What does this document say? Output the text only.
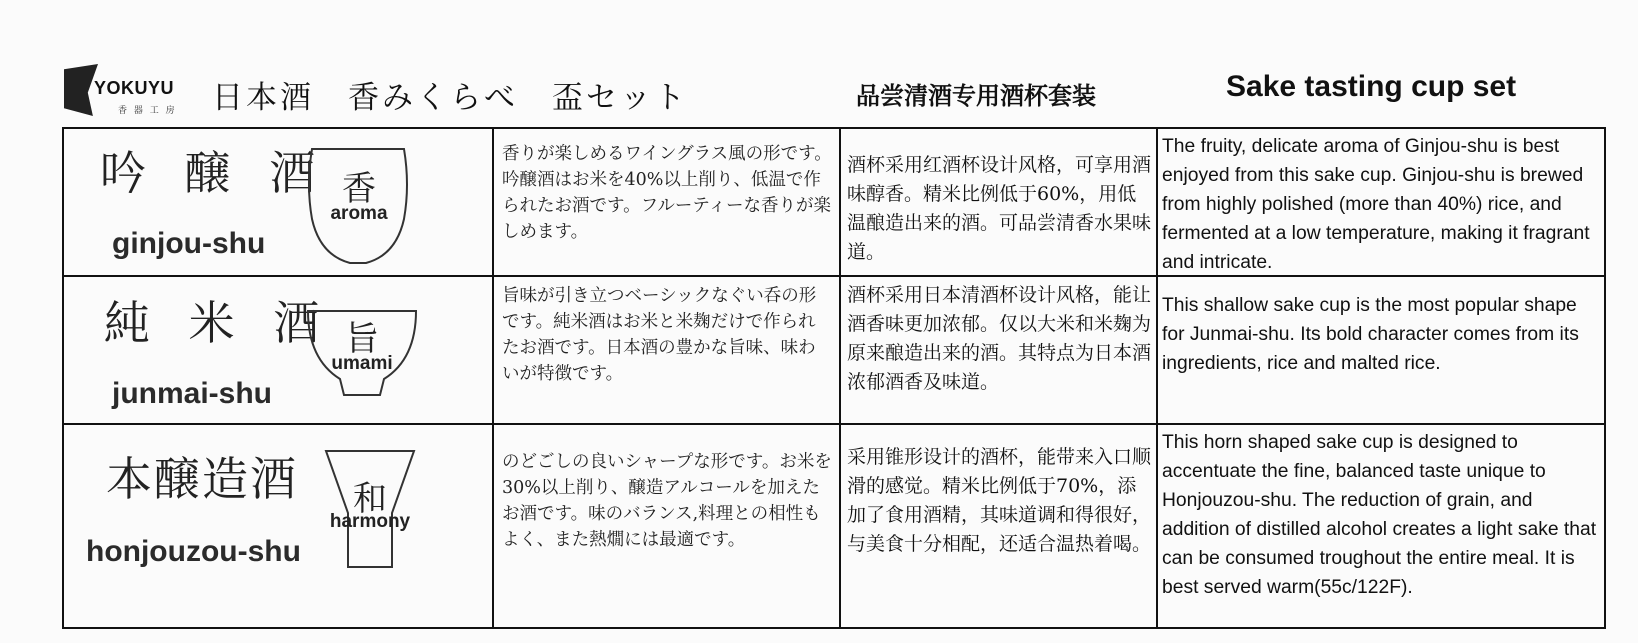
YOKUYU
香 器 工 房 日本酒　香みくらべ　盃セット	品尝清酒专用酒杯套装	Sake tasting cup set
吟 醸 酒
ginjou-shu
香
aroma
香りが楽しめるワイングラス風の形です。吟醸酒はお米を40%以上削り、低温で作られたお酒です。フルーティーな香りが楽しめます。
酒杯采用红酒杯设计风格，可享用酒味醇香。精米比例低于60%，用低温酿造出来的酒。可品尝清香水果味道。
The fruity, delicate aroma of Ginjou-shu is best enjoyed from this sake cup. Ginjou-shu is brewed from highly polished (more than 40%) rice, and fermented at a low temperature, making it fragrant and intricate.
純 米 酒
junmai-shu
旨
umami
旨味が引き立つベーシックなぐい呑の形です。純米酒はお米と米麹だけで作られたお酒です。日本酒の豊かな旨味、味わいが特徴です。
酒杯采用日本清酒杯设计风格，能让酒香味更加浓郁。仅以大米和米麹为原来酿造出来的酒。其特点为日本酒浓郁酒香及味道。
This shallow sake cup is the most popular shape for Junmai-shu. Its bold character comes from its ingredients, rice and malted rice.
本醸造酒
honjouzou-shu
和
harmony
のどごしの良いシャープな形です。お米を30%以上削り、醸造アルコールを加えたお酒です。味のバランス,料理との相性もよく、また熱燗には最適です。
采用锥形设计的酒杯，能带来入口顺滑的感觉。精米比例低于70%，添加了食用酒精，其味道调和得很好，与美食十分相配，还适合温热着喝。
This horn shaped sake cup is designed to accentuate the fine, balanced taste unique to Honjouzou-shu. The reduction of grain, and addition of distilled alcohol creates a light sake that can be consumed troughout the entire meal. It is best served warm(55c/122F).
